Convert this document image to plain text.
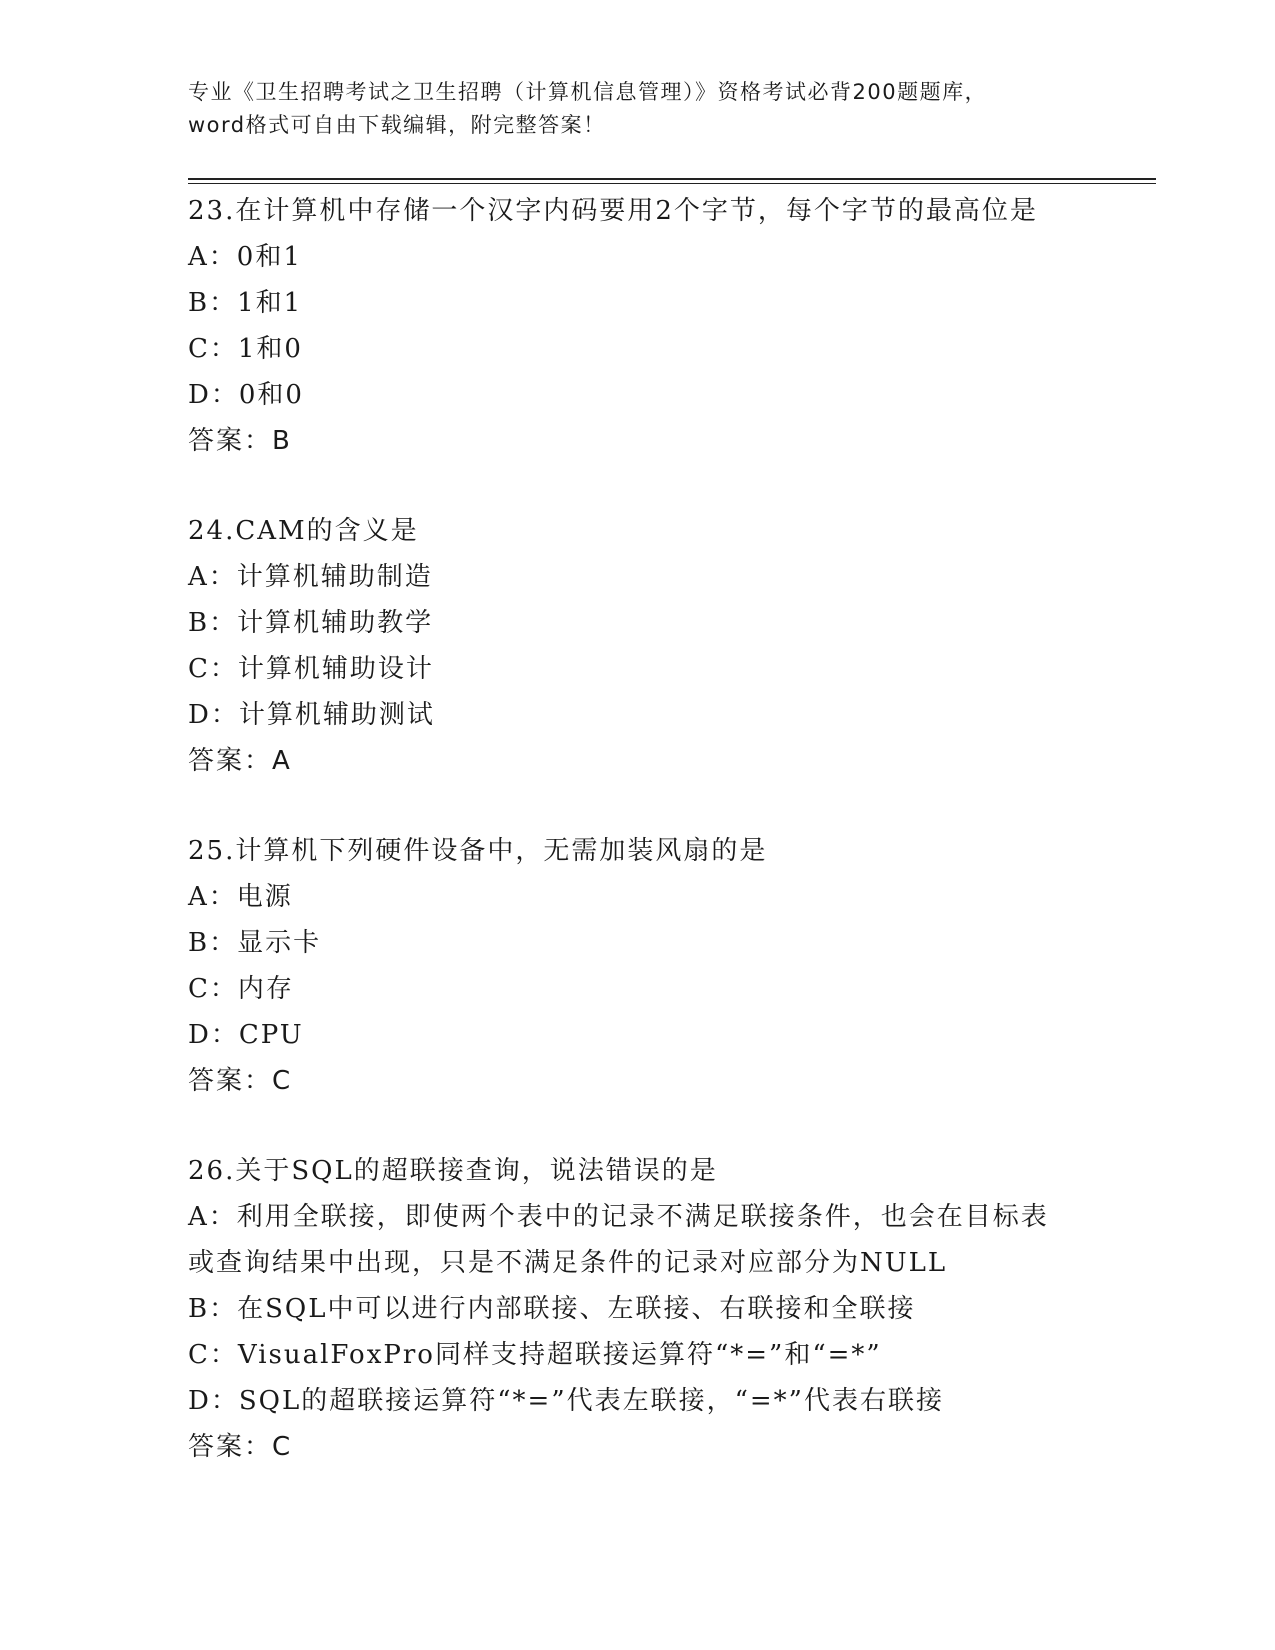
专业《卫生招聘考试之卫生招聘（计算机信息管理）》资格考试必背200题题库，
word格式可自由下载编辑，附完整答案！
23.在计算机中存储一个汉字内码要用2个字节，每个字节的最高位是
A：0和1
B：1和1
C：1和0
D：0和0
答案：B
24.CAM的含义是
A：计算机辅助制造
B：计算机辅助教学
C：计算机辅助设计
D：计算机辅助测试
答案：A
25.计算机下列硬件设备中，无需加装风扇的是
A：电源
B：显示卡
C：内存
D：CPU
答案：C
26.关于SQL的超联接查询，说法错误的是
A：利用全联接，即使两个表中的记录不满足联接条件，也会在目标表
或查询结果中出现，只是不满足条件的记录对应部分为NULL
B：在SQL中可以进行内部联接、左联接、右联接和全联接
C：VisualFoxPro同样支持超联接运算符“*=”和“=*”
D：SQL的超联接运算符“*=”代表左联接，“=*”代表右联接
答案：C
